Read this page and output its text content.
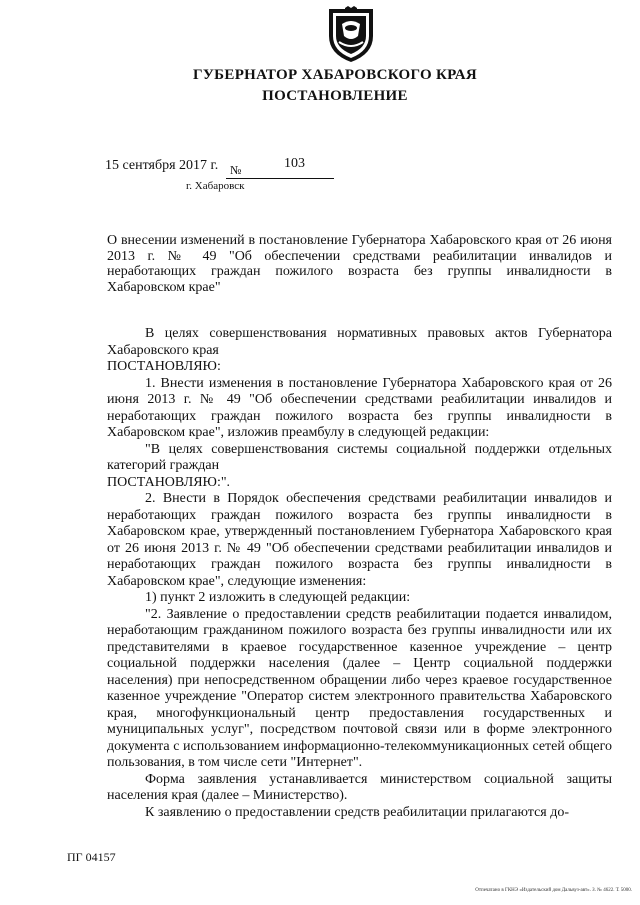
ГУБЕРНАТОР ХАБАРОВСКОГО КРАЯ
ПОСТАНОВЛЕНИЕ
15 сентября 2017 г. №	103
г. Хабаровск
О внесении изменений в постановление Губернатора Хабаровского края от 26 июня 2013 г. № 49 "Об обеспечении средствами реабилитации инвалидов и неработающих граждан пожилого возраста без группы инвалидности в Хабаровском крае"

В целях совершенствования нормативных правовых актов Губернатора Хабаровского края

ПОСТАНОВЛЯЮ:

1. Внести изменения в постановление Губернатора Хабаровского края от 26 июня 2013 г. № 49 "Об обеспечении средствами реабилитации инвалидов и неработающих граждан пожилого возраста без группы инвалидности в Хабаровском крае", изложив преамбулу в следующей редакции:

"В целях совершенствования системы социальной поддержки отдельных категорий граждан

ПОСТАНОВЛЯЮ:".

2. Внести в Порядок обеспечения средствами реабилитации инвалидов и неработающих граждан пожилого возраста без группы инвалидности в Хабаровском крае, утвержденный постановлением Губернатора Хабаровского края от 26 июня 2013 г. № 49 "Об обеспечении средствами реабилитации инвалидов и неработающих граждан пожилого возраста без группы инвалидности в Хабаровском крае", следующие изменения:

1) пункт 2 изложить в следующей редакции:

"2. Заявление о предоставлении средств реабилитации подается инвалидом, неработающим гражданином пожилого возраста без группы инвалидности или их представителями в краевое государственное казенное учреждение – центр социальной поддержки населения (далее – Центр социальной поддержки населения) при непосредственном обращении либо через краевое государственное казенное учреждение "Оператор систем электронного правительства Хабаровского края, многофункциональный центр предоставления государственных и муниципальных услуг", посредством почтовой связи или в форме электронного документа с использованием информационно-телекоммуникационных сетей общего пользования, в том числе сети "Интернет".

Форма заявления устанавливается министерством социальной защиты населения края (далее – Министерство).

К заявлению о предоставлении средств реабилитации прилагаются до-

ПГ 04157
Отпечатано в ГКНЭ «Издательский дом Дальвуз-авт». З. № 4622. Т. 5000.
